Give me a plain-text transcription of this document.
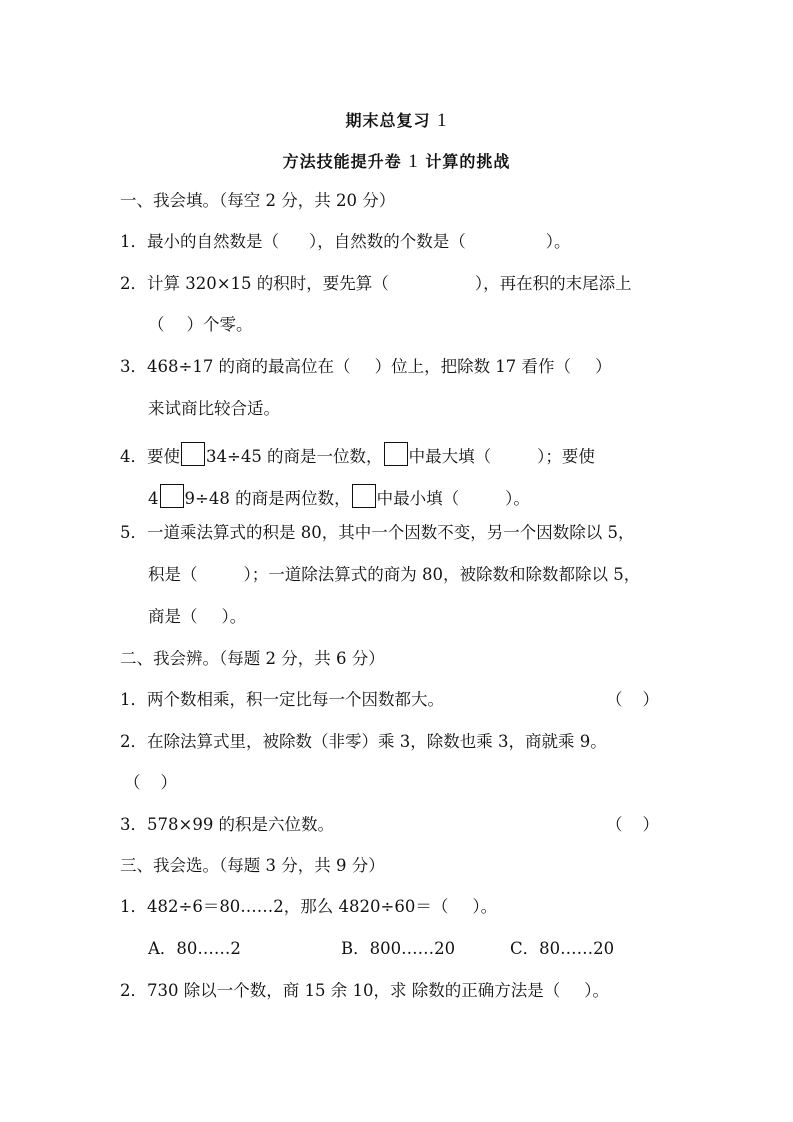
期末总复习 1
方法技能提升卷 1 计算的挑战
一、我会填。（每空 2 分，共 20 分）
1．最小的自然数是（ ），自然数的个数是（	）。
2．计算 320×15 的积时，要先算（	），再在积的末尾添上
（ ）个零。
3．468÷17 的商的最高位在（ ）位上，把除数 17 看作（ ）
来试商比较合适。
4．要使 34÷45 的商是一位数， 中最大填（	）；要使
4 9÷48 的商是两位数， 中最小填（	）。
5．一道乘法算式的积是 80，其中一个因数不变，另一个因数除以 5，
积是（	）；一道除法算式的商为 80，被除数和除数都除以 5，
商是（ ）。
二、我会辨。（每题 2 分，共 6 分）
1．两个数相乘，积一定比每一个因数都大。	（ ）
2．在除法算式里，被除数（非零）乘 3，除数也乘 3，商就乘 9。
（ ）
3．578×99 的积是六位数。	（ ）
三、我会选。（每题 3 分，共 9 分）
1．482÷6＝80……2，那么 4820÷60＝（ ）。
A．80……2	B．800……20	C．80……20
2．730 除以一个数，商 15 余 10，求 除数的正确方法是（ ）。
